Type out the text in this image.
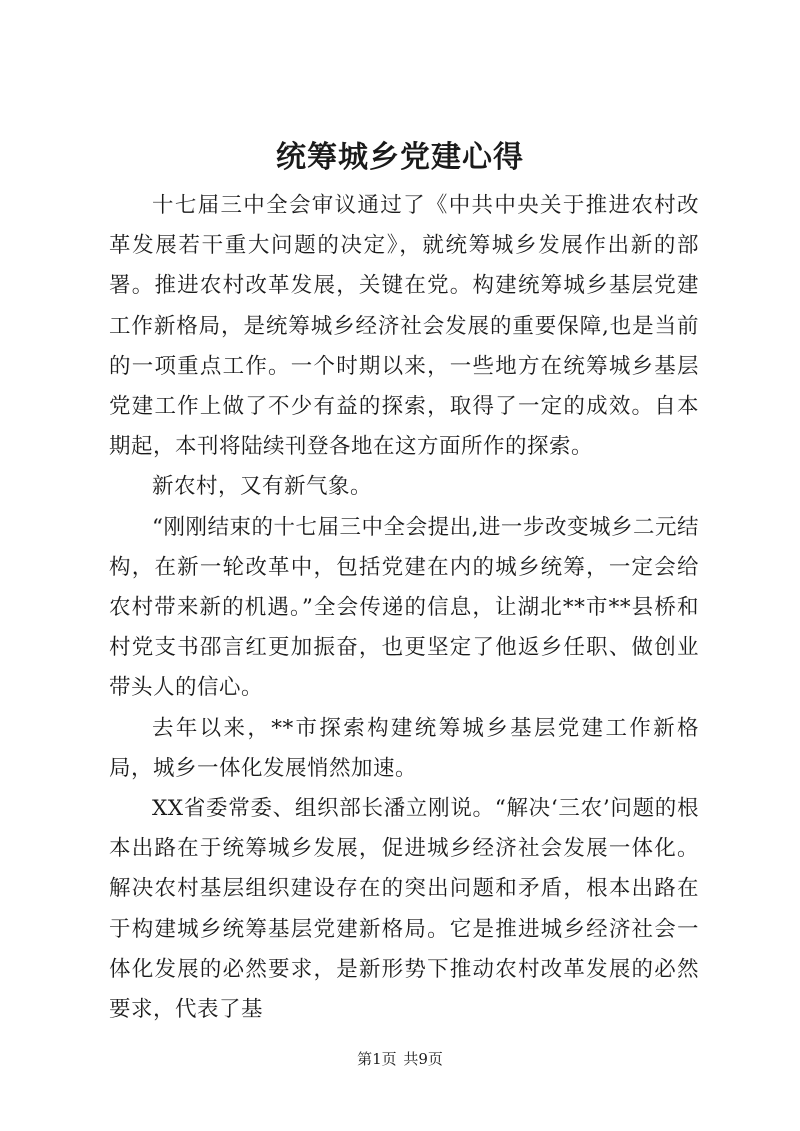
统筹城乡党建心得

十七届三中全会审议通过了《中共中央关于推进农村改革发展若干重大问题的决定》，就统筹城乡发展作出新的部署。推进农村改革发展，关键在党。构建统筹城乡基层党建工作新格局，是统筹城乡经济社会发展的重要保障,也是当前的一项重点工作。一个时期以来，一些地方在统筹城乡基层党建工作上做了不少有益的探索，取得了一定的成效。自本期起，本刊将陆续刊登各地在这方面所作的探索。

新农村，又有新气象。

“刚刚结束的十七届三中全会提出,进一步改变城乡二元结构，在新一轮改革中，包括党建在内的城乡统筹，一定会给农村带来新的机遇。”全会传递的信息，让湖北**市**县桥和村党支书邵言红更加振奋，也更坚定了他返乡任职、做创业带头人的信心。

去年以来，**市探索构建统筹城乡基层党建工作新格局，城乡一体化发展悄然加速。

XX省委常委、组织部长潘立刚说。“解决‘三农’问题的根本出路在于统筹城乡发展，促进城乡经济社会发展一体化。解决农村基层组织建设存在的突出问题和矛盾，根本出路在于构建城乡统筹基层党建新格局。它是推进城乡经济社会一体化发展的必然要求，是新形势下推动农村改革发展的必然要求，代表了基

第1页 共9页
